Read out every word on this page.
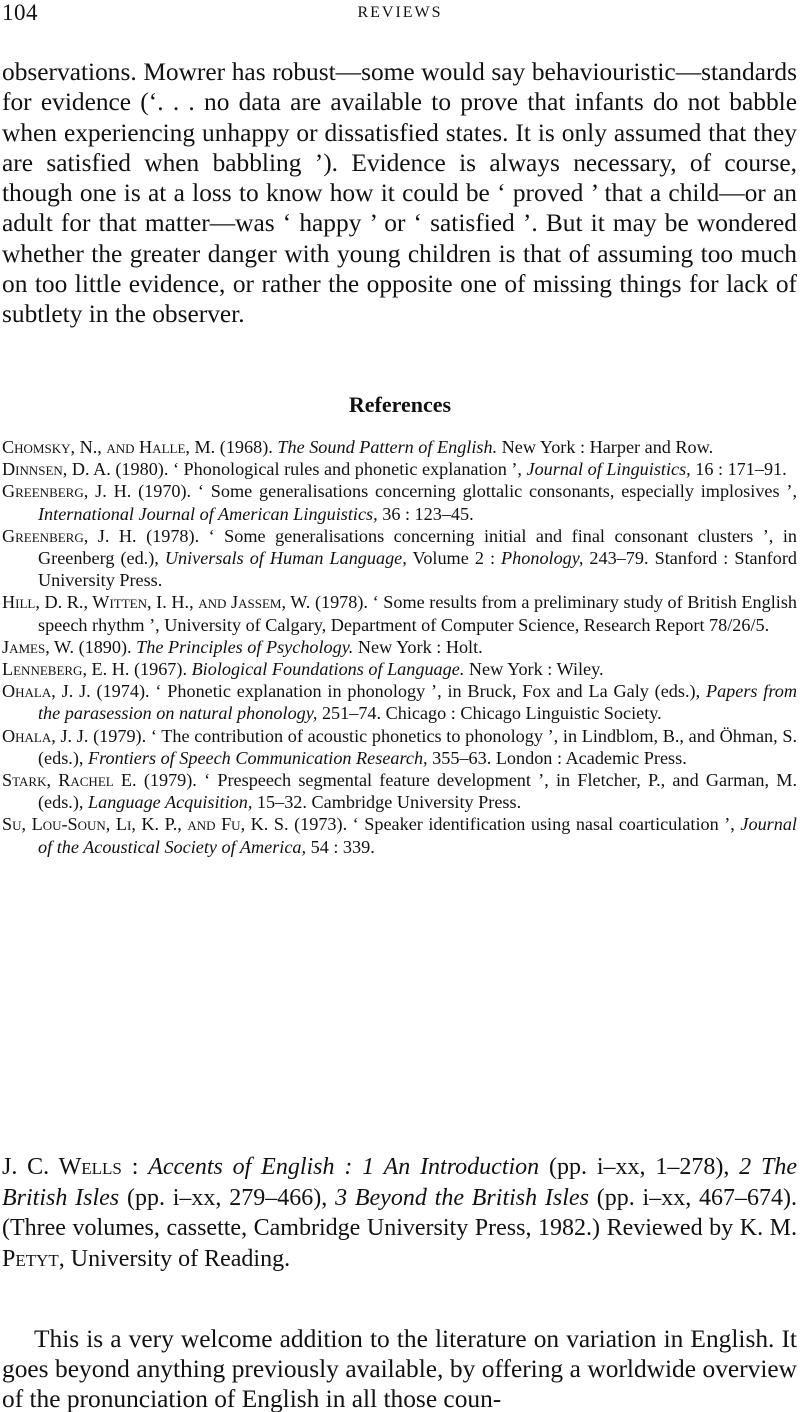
104	REVIEWS

observations. Mowrer has robust—some would say behaviouristic—standards for evidence (‘. . . no data are available to prove that infants do not babble when experiencing unhappy or dissatisfied states. It is only assumed that they are satisfied when babbling ’). Evidence is always necessary, of course, though one is at a loss to know how it could be ‘ proved ’ that a child—or an adult for that matter—was ‘ happy ’ or ‘ satisfied ’. But it may be wondered whether the greater danger with young children is that of assuming too much on too little evidence, or rather the opposite one of missing things for lack of subtlety in the observer.

References

Chomsky, N., and Halle, M. (1968). The Sound Pattern of English. New York : Harper and Row.

Dinnsen, D. A. (1980). ‘ Phonological rules and phonetic explanation ’, Journal of Linguistics, 16 : 171–91.

Greenberg, J. H. (1970). ‘ Some generalisations concerning glottalic consonants, especially implosives ’, International Journal of American Linguistics, 36 : 123–45.

Greenberg, J. H. (1978). ‘ Some generalisations concerning initial and final consonant clusters ’, in Greenberg (ed.), Universals of Human Language, Volume 2 : Phonology, 243–79. Stanford : Stanford University Press.

Hill, D. R., Witten, I. H., and Jassem, W. (1978). ‘ Some results from a preliminary study of British English speech rhythm ’, University of Calgary, Department of Computer Science, Research Report 78/26/5.

James, W. (1890). The Principles of Psychology. New York : Holt.

Lenneberg, E. H. (1967). Biological Foundations of Language. New York : Wiley.

Ohala, J. J. (1974). ‘ Phonetic explanation in phonology ’, in Bruck, Fox and La Galy (eds.), Papers from the parasession on natural phonology, 251–74. Chicago : Chicago Linguistic Society.

Ohala, J. J. (1979). ‘ The contribution of acoustic phonetics to phonology ’, in Lindblom, B., and Öhman, S. (eds.), Frontiers of Speech Communication Research, 355–63. London : Academic Press.

Stark, Rachel E. (1979). ‘ Prespeech segmental feature development ’, in Fletcher, P., and Garman, M. (eds.), Language Acquisition, 15–32. Cambridge University Press.

Su, Lou-Soun, Li, K. P., and Fu, K. S. (1973). ‘ Speaker identification using nasal coarticulation ’, Journal of the Acoustical Society of America, 54 : 339.

J. C. Wells : Accents of English : 1 An Introduction (pp. i–xx, 1–278), 2 The British Isles (pp. i–xx, 279–466), 3 Beyond the British Isles (pp. i–xx, 467–674). (Three volumes, cassette, Cambridge University Press, 1982.) Reviewed by K. M. Petyt, University of Reading.

This is a very welcome addition to the literature on variation in English. It goes beyond anything previously available, by offering a worldwide overview of the pronunciation of English in all those coun-
